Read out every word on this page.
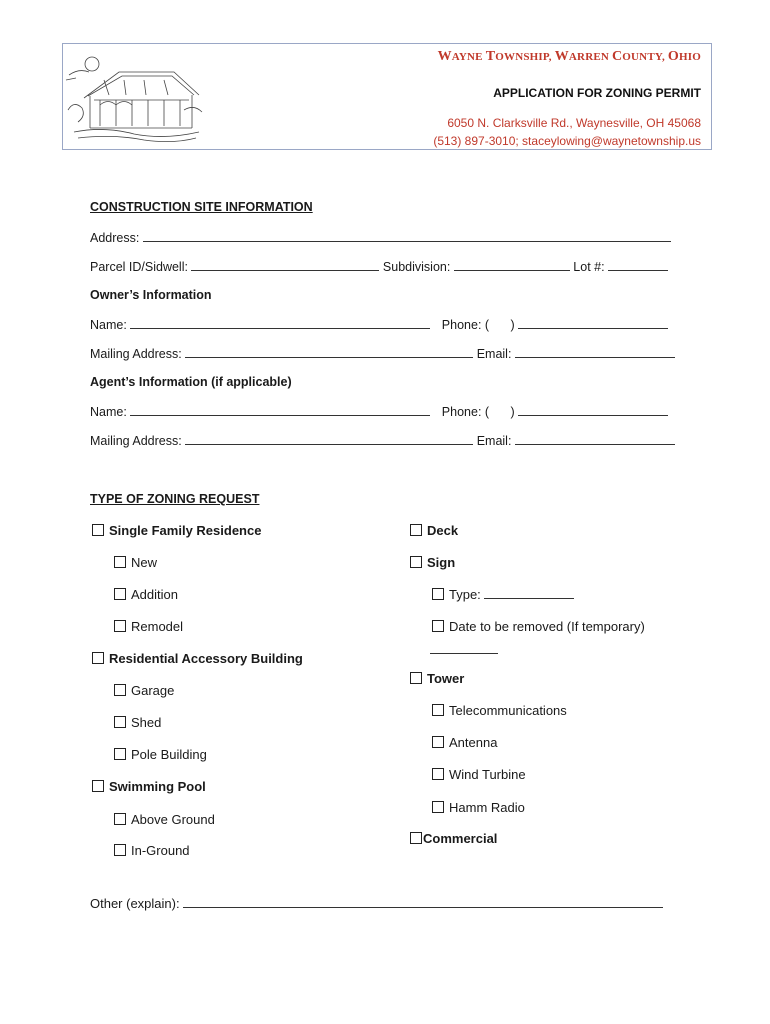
WAYNE TOWNSHIP, WARREN COUNTY, OHIO
APPLICATION FOR ZONING PERMIT
6050 N. Clarksville Rd., Waynesville, OH 45068
(513) 897-3010; staceylowing@waynetownship.us
CONSTRUCTION SITE INFORMATION
Address:
Parcel ID/Sidwell:	Subdivision:	Lot #:
Owner’s Information
Name:	Phone: ( )
Mailing Address:	Email:
Agent’s Information (if applicable)
Name:	Phone: ( )
Mailing Address:	Email:
TYPE OF ZONING REQUEST
Single Family Residence
New
Addition
Remodel
Residential Accessory Building
Garage
Shed
Pole Building
Swimming Pool
Above Ground
In-Ground
Deck
Sign
Type:
Date to be removed (If temporary)
Tower
Telecommunications
Antenna
Wind Turbine
Hamm Radio
Commercial
Other (explain):
